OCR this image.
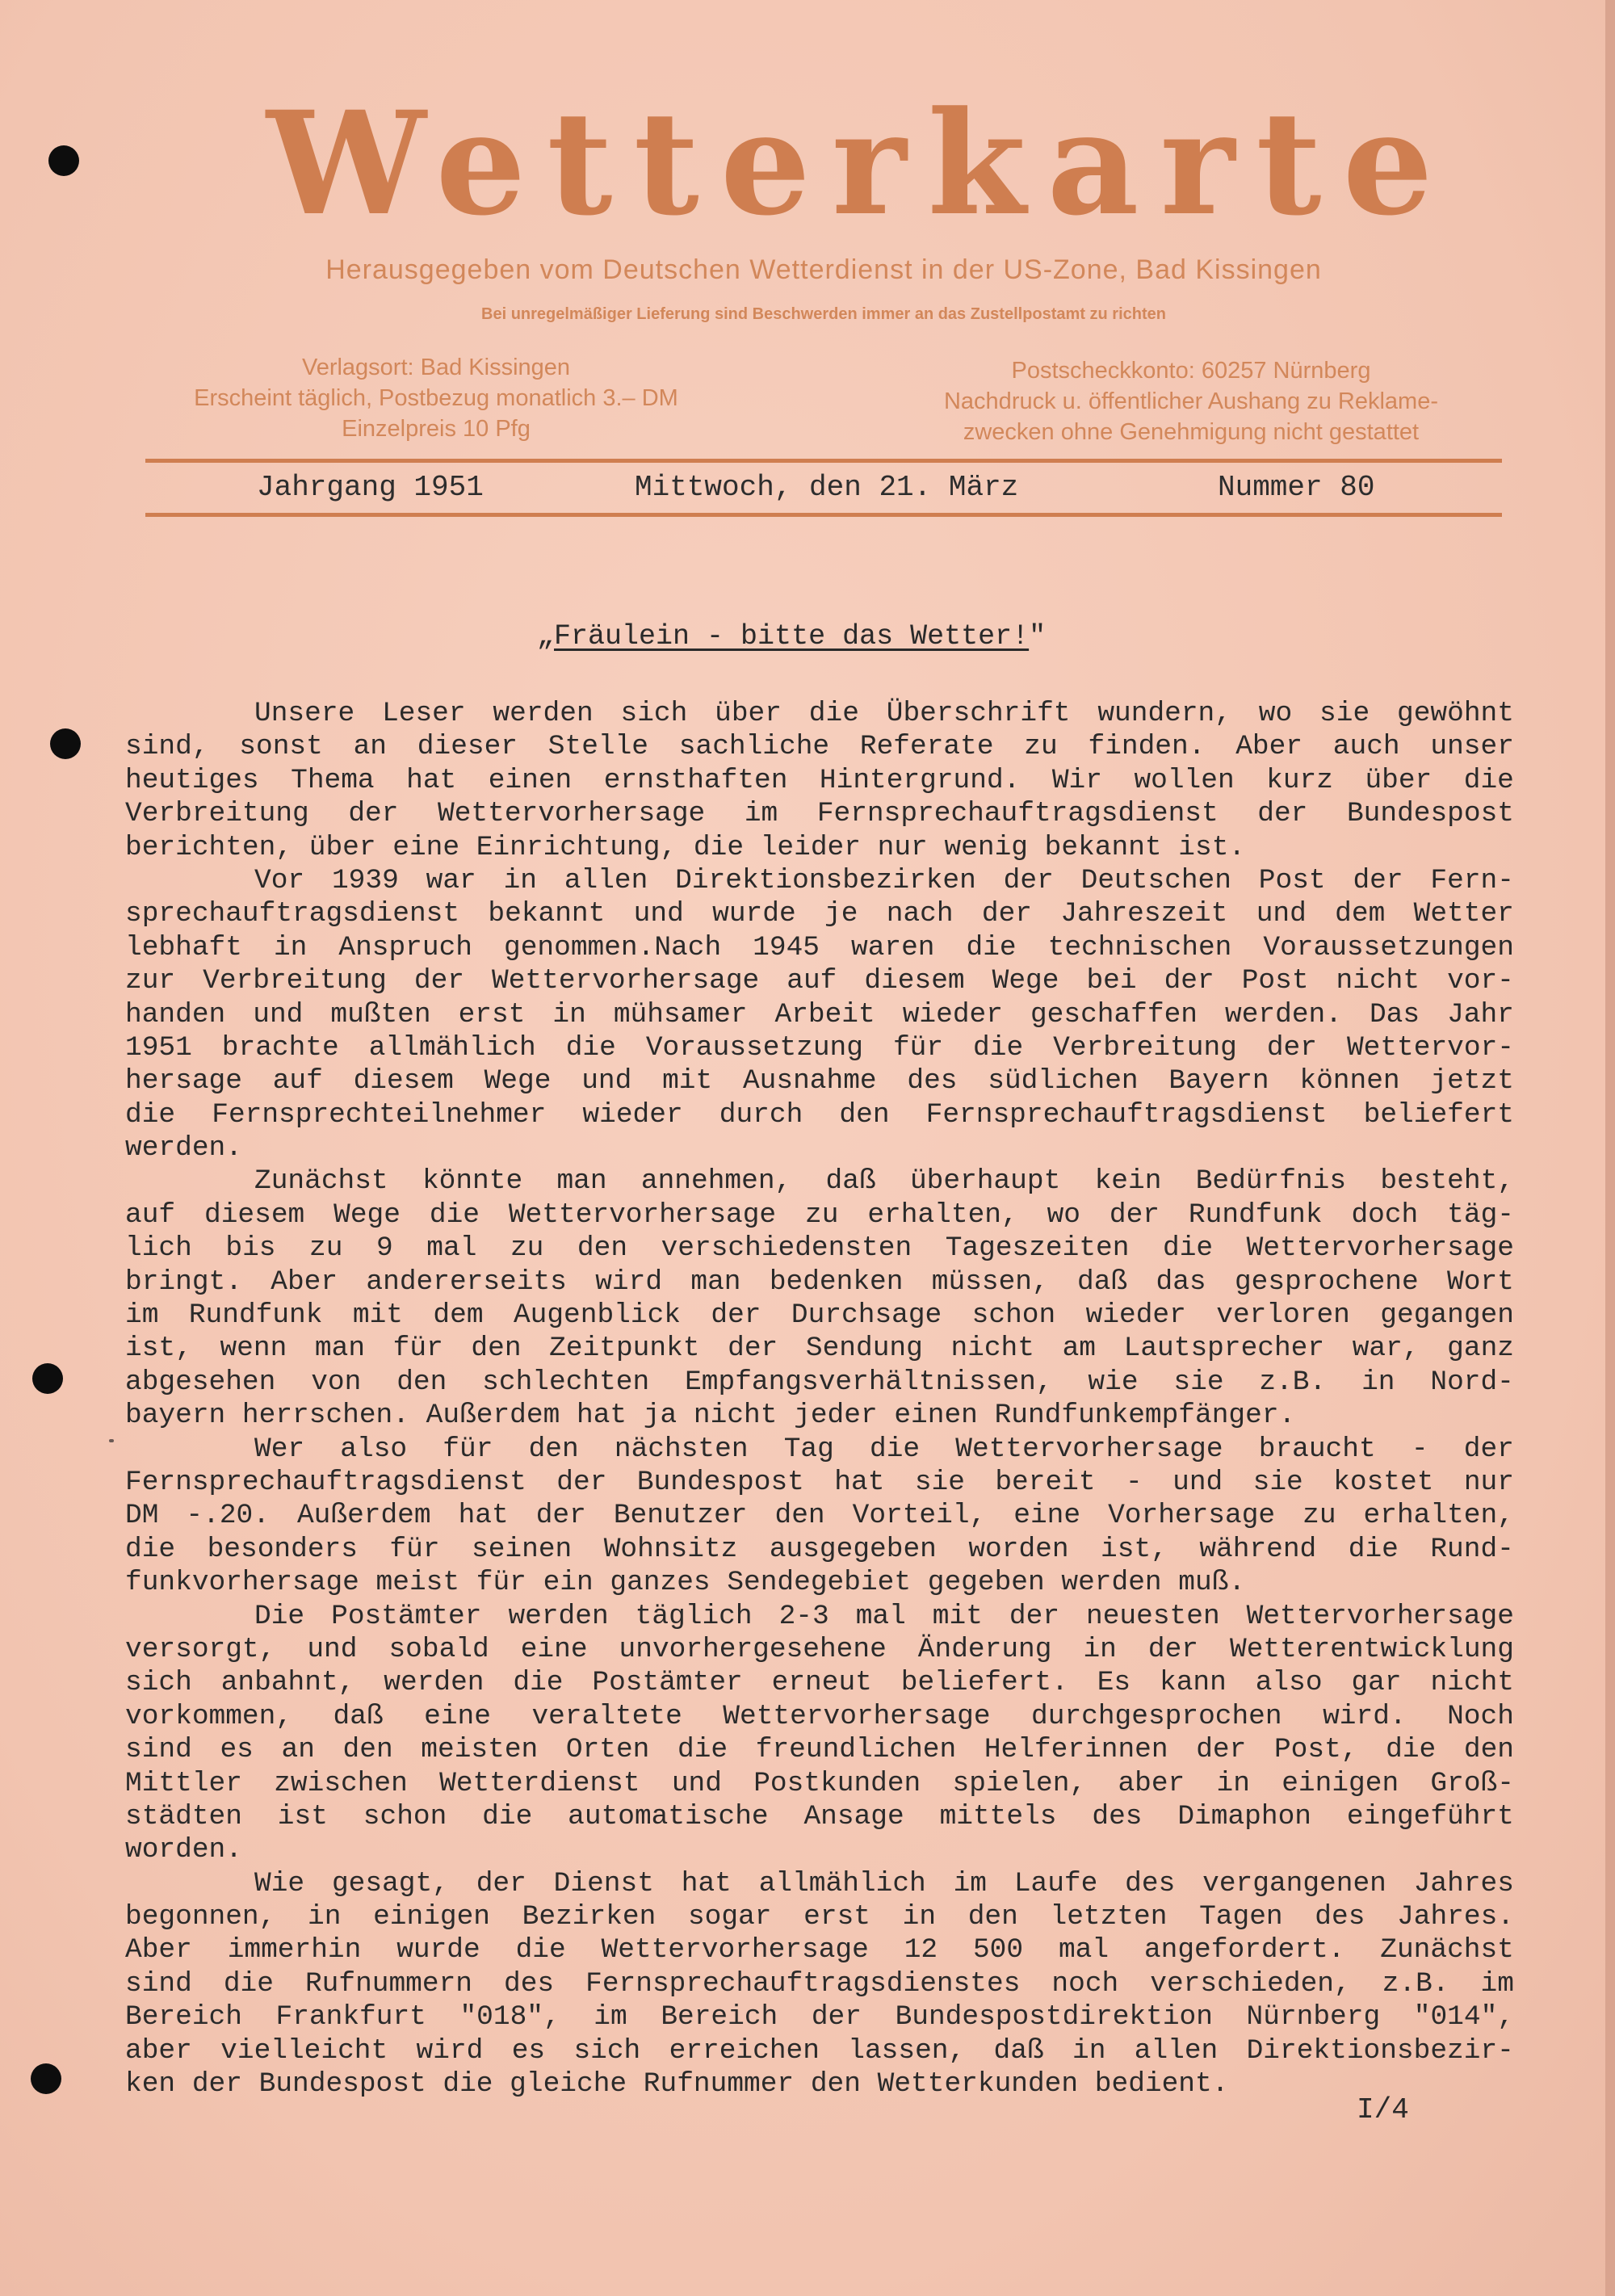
Wetterkarte
Herausgegeben vom Deutschen Wetterdienst in der US-Zone, Bad Kissingen
Bei unregelmäßiger Lieferung sind Beschwerden immer an das Zustellpostamt zu richten
Verlagsort: Bad Kissingen
Erscheint täglich, Postbezug monatlich 3.– DM
Einzelpreis 10 Pfg
Postscheckkonto: 60257 Nürnberg
Nachdruck u. öffentlicher Aushang zu Reklame-
zwecken ohne Genehmigung nicht gestattet
Jahrgang 1951	Mittwoch, den 21. März	Nummer 80
„Fräulein - bitte das Wetter!"
Unsere Leser werden sich über die Überschrift wundern, wo sie gewöhnt
sind, sonst an dieser Stelle sachliche Referate zu finden. Aber auch unser
heutiges Thema hat einen ernsthaften Hintergrund. Wir wollen kurz über die
Verbreitung der Wettervorhersage im Fernsprechauftragsdienst der Bundespost
berichten, über eine Einrichtung, die leider nur wenig bekannt ist.
Vor 1939 war in allen Direktionsbezirken der Deutschen Post der Fern-
sprechauftragsdienst bekannt und wurde je nach der Jahreszeit und dem Wetter
lebhaft in Anspruch genommen.Nach 1945 waren die technischen Voraussetzungen
zur Verbreitung der Wettervorhersage auf diesem Wege bei der Post nicht vor-
handen und mußten erst in mühsamer Arbeit wieder geschaffen werden. Das Jahr
1951 brachte allmählich die Voraussetzung für die Verbreitung der Wettervor-
hersage auf diesem Wege und mit Ausnahme des südlichen Bayern können jetzt
die Fernsprechteilnehmer wieder durch den Fernsprechauftragsdienst beliefert
werden.
Zunächst könnte man annehmen, daß überhaupt kein Bedürfnis besteht,
auf diesem Wege die Wettervorhersage zu erhalten, wo der Rundfunk doch täg-
lich bis zu 9 mal zu den verschiedensten Tageszeiten die Wettervorhersage
bringt. Aber andererseits wird man bedenken müssen, daß das gesprochene Wort
im Rundfunk mit dem Augenblick der Durchsage schon wieder verloren gegangen
ist, wenn man für den Zeitpunkt der Sendung nicht am Lautsprecher war, ganz
abgesehen von den schlechten Empfangsverhältnissen, wie sie z.B. in Nord-
bayern herrschen. Außerdem hat ja nicht jeder einen Rundfunkempfänger.
Wer also für den nächsten Tag die Wettervorhersage braucht - der
Fernsprechauftragsdienst der Bundespost hat sie bereit - und sie kostet nur
DM -.20. Außerdem hat der Benutzer den Vorteil, eine Vorhersage zu erhalten,
die besonders für seinen Wohnsitz ausgegeben worden ist, während die Rund-
funkvorhersage meist für ein ganzes Sendegebiet gegeben werden muß.
Die Postämter werden täglich 2-3 mal mit der neuesten Wettervorhersage
versorgt, und sobald eine unvorhergesehene Änderung in der Wetterentwicklung
sich anbahnt, werden die Postämter erneut beliefert. Es kann also gar nicht
vorkommen, daß eine veraltete Wettervorhersage durchgesprochen wird. Noch
sind es an den meisten Orten die freundlichen Helferinnen der Post, die den
Mittler zwischen Wetterdienst und Postkunden spielen, aber in einigen Groß-
städten ist schon die automatische Ansage mittels des Dimaphon eingeführt
worden.
Wie gesagt, der Dienst hat allmählich im Laufe des vergangenen Jahres
begonnen, in einigen Bezirken sogar erst in den letzten Tagen des Jahres.
Aber immerhin wurde die Wettervorhersage 12 500 mal angefordert. Zunächst
sind die Rufnummern des Fernsprechauftragsdienstes noch verschieden, z.B. im
Bereich Frankfurt "018", im Bereich der Bundespostdirektion Nürnberg "014",
aber vielleicht wird es sich erreichen lassen, daß in allen Direktionsbezir-
ken der Bundespost die gleiche Rufnummer den Wetterkunden bedient.
I/4
